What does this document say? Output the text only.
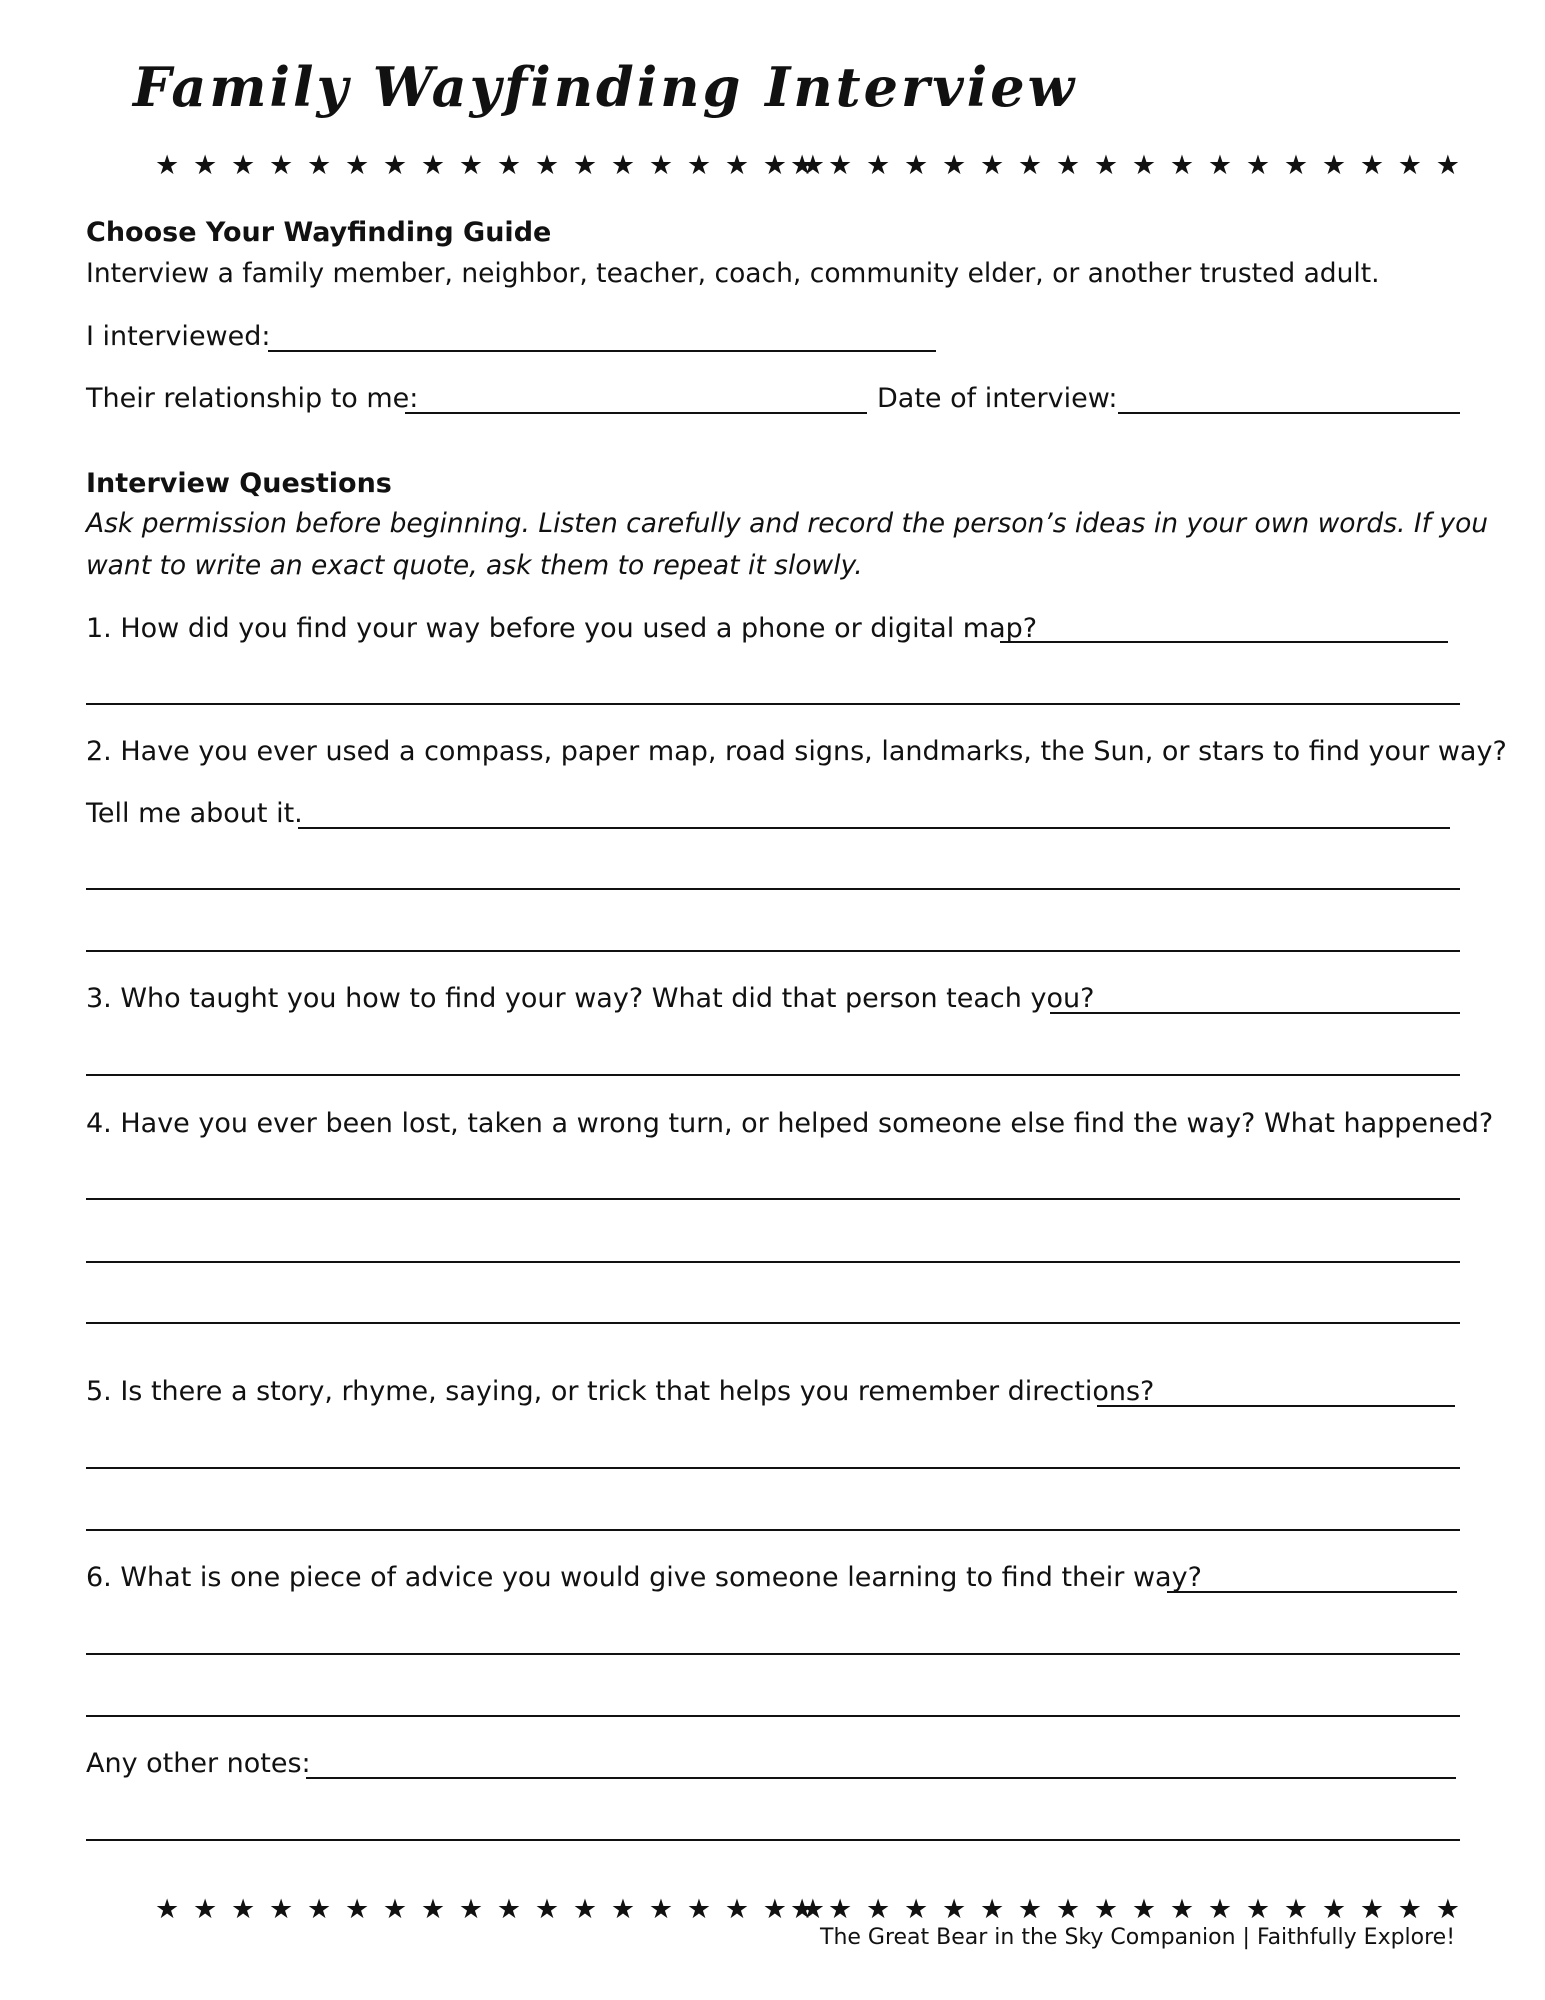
Family Wayfinding Interview
★ ★ ★ ★ ★ ★ ★ ★ ★ ★ ★ ★ ★ ★ ★ ★ ★ ★
★ ★ ★ ★ ★ ★ ★ ★ ★ ★ ★ ★ ★ ★ ★ ★ ★ ★
Choose Your Wayfinding Guide
Interview a family member, neighbor, teacher, coach, community elder, or another trusted adult.
I interviewed:
Their relationship to me:	Date of interview:
Interview Questions
Ask permission before beginning. Listen carefully and record the person’s ideas in your own words. If you
want to write an exact quote, ask them to repeat it slowly.
1. How did you find your way before you used a phone or digital map?
2. Have you ever used a compass, paper map, road signs, landmarks, the Sun, or stars to find your way?
Tell me about it.
3. Who taught you how to find your way? What did that person teach you?
4. Have you ever been lost, taken a wrong turn, or helped someone else find the way? What happened?
5. Is there a story, rhyme, saying, or trick that helps you remember directions?
6. What is one piece of advice you would give someone learning to find their way?
Any other notes:
★ ★ ★ ★ ★ ★ ★ ★ ★ ★ ★ ★ ★ ★ ★ ★ ★ ★
★ ★ ★ ★ ★ ★ ★ ★ ★ ★ ★ ★ ★ ★ ★ ★ ★ ★
The Great Bear in the Sky Companion | Faithfully Explore!
